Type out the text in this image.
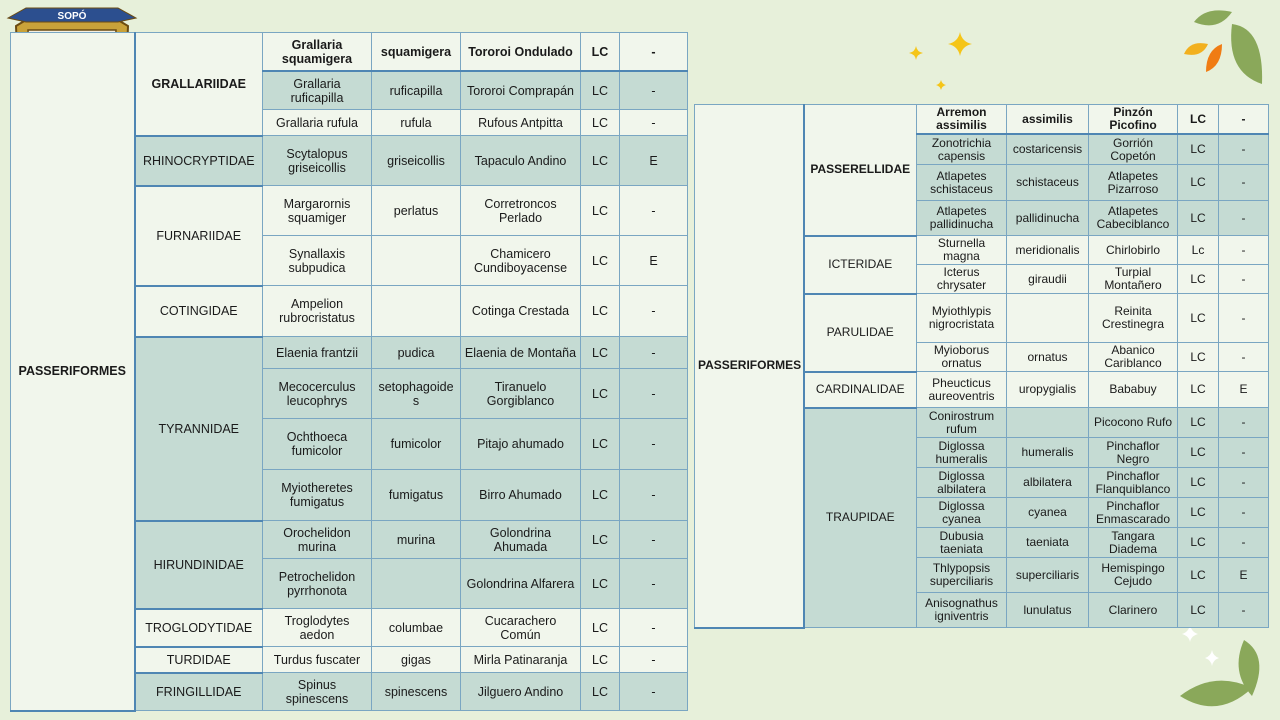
SOPÓ
PASSERIFORMES	GRALLARIIDAE	Grallaria squamigera	squamigera	Tororoi Ondulado	LC	-
		Grallaria ruficapilla	ruficapilla	Tororoi Comprapán	LC	-
		Grallaria rufula	rufula	Rufous Antpitta	LC	-
	RHINOCRYPTIDAE	Scytalopus griseicollis	griseicollis	Tapaculo Andino	LC	E
	FURNARIIDAE	Margarornis squamiger	perlatus	Corretroncos Perlado	LC	-
		Synallaxis subpudica		Chamicero Cundiboyacense	LC	E
	COTINGIDAE	Ampelion rubrocristatus		Cotinga Crestada	LC	-
	TYRANNIDAE	Elaenia frantzii	pudica	Elaenia de Montaña	LC	-
		Mecocerculus leucophrys	setophagoide s	Tiranuelo Gorgiblanco	LC	-
		Ochthoeca fumicolor	fumicolor	Pitajo ahumado	LC	-
		Myiotheretes fumigatus	fumigatus	Birro Ahumado	LC	-
	HIRUNDINIDAE	Orochelidon murina	murina	Golondrina Ahumada	LC	-
		Petrochelidon pyrrhonota		Golondrina Alfarera	LC	-
	TROGLODYTIDAE	Troglodytes aedon	columbae	Cucarachero Común	LC	-
	TURDIDAE	Turdus fuscater	gigas	Mirla Patinaranja	LC	-
	FRINGILLIDAE	Spinus spinescens	spinescens	Jilguero Andino	LC	-
PASSERIFORMES	PASSERELLIDAE	Arremon assimilis	assimilis	Pinzón Picofino	LC	-
		Zonotrichia capensis	costaricensis	Gorrión Copetón	LC	-
		Atlapetes schistaceus	schistaceus	Atlapetes Pizarroso	LC	-
		Atlapetes pallidinucha	pallidinucha	Atlapetes Cabeciblanco	LC	-
	ICTERIDAE	Sturnella magna	meridionalis	Chirlobirlo	Lc	-
		Icterus chrysater	giraudii	Turpial Montañero	LC	-
	PARULIDAE	Myiothlypis nigrocristata		Reinita Crestinegra	LC	-
		Myioborus ornatus	ornatus	Abanico Cariblanco	LC	-
	CARDINALIDAE	Pheucticus aureoventris	uropygialis	Bababuy	LC	E
	TRAUPIDAE	Conirostrum rufum		Picocono Rufo	LC	-
		Diglossa humeralis	humeralis	Pinchaflor Negro	LC	-
		Diglossa albilatera	albilatera	Pinchaflor Flanquiblanco	LC	-
		Diglossa cyanea	cyanea	Pinchaflor Enmascarado	LC	-
		Dubusia taeniata	taeniata	Tangara Diadema	LC	-
		Thlypopsis superciliaris	superciliaris	Hemispingo Cejudo	LC	E
		Anisognathus igniventris	lunulatus	Clarinero	LC	-
